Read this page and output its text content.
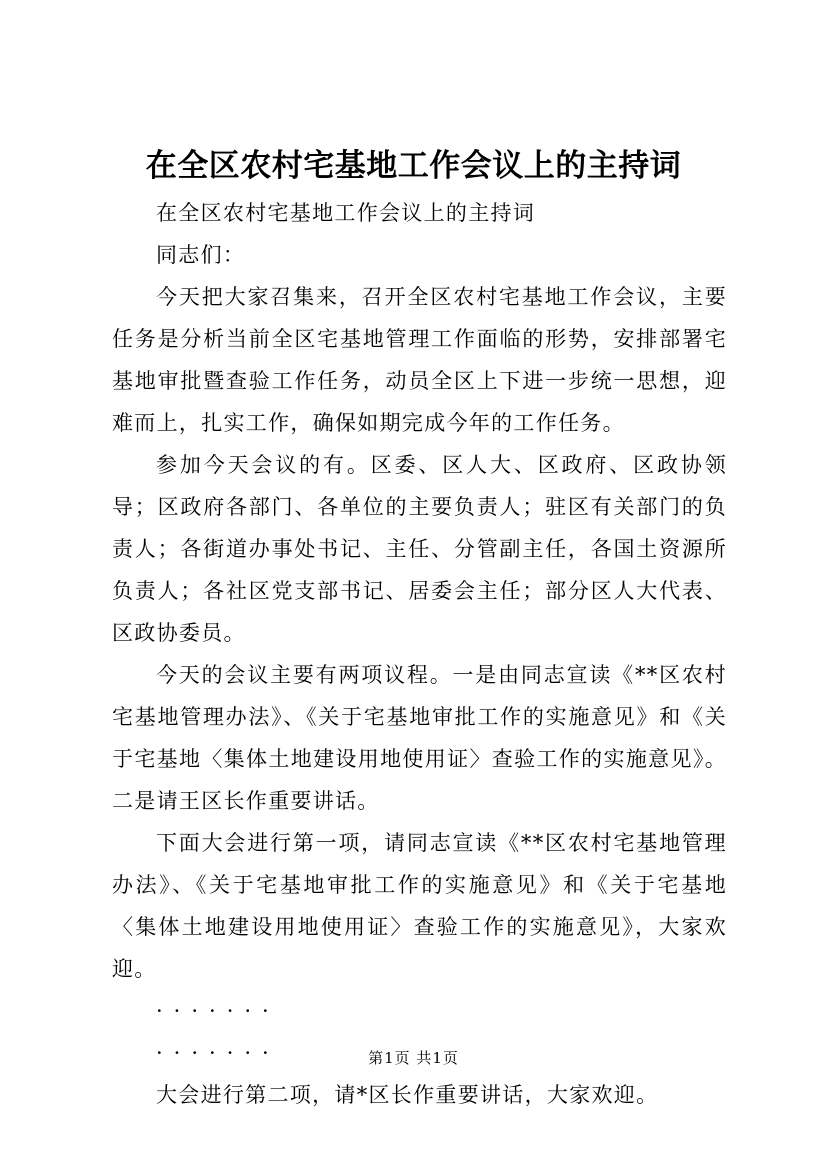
在全区农村宅基地工作会议上的主持词

在全区农村宅基地工作会议上的主持词

同志们：

今天把大家召集来，召开全区农村宅基地工作会议，主要任务是分析当前全区宅基地管理工作面临的形势，安排部署宅基地审批暨查验工作任务，动员全区上下进一步统一思想，迎难而上，扎实工作，确保如期完成今年的工作任务。

参加今天会议的有。区委、区人大、区政府、区政协领导；区政府各部门、各单位的主要负责人；驻区有关部门的负责人；各街道办事处书记、主任、分管副主任，各国土资源所负责人；各社区党支部书记、居委会主任；部分区人大代表、区政协委员。

今天的会议主要有两项议程。一是由同志宣读《**区农村宅基地管理办法》、《关于宅基地审批工作的实施意见》和《关于宅基地〈集体土地建设用地使用证〉查验工作的实施意见》。二是请王区长作重要讲话。

下面大会进行第一项，请同志宣读《**区农村宅基地管理办法》、《关于宅基地审批工作的实施意见》和《关于宅基地〈集体土地建设用地使用证〉查验工作的实施意见》，大家欢迎。

·······
·······

大会进行第二项，请*区长作重要讲话，大家欢迎。

第1页 共1页
